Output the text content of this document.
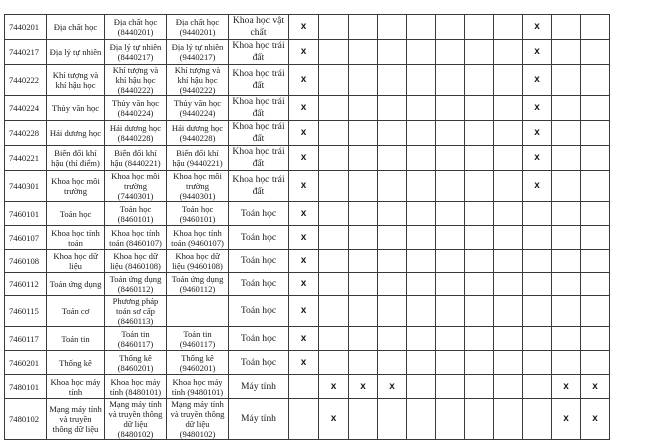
7440201	Địa chất học	Địa chất học (8440201)	Địa chất học (9440201)	Khoa học vật chất	x								x		
7440217	Địa lý tự nhiên	Địa lý tự nhiên (8440217)	Địa lý tự nhiên (9440217)	Khoa học trái đất	x								x		
7440222	Khí tượng và khí hậu học	Khí tượng và khí hậu học (8440222)	Khí tượng và khí hậu học (9440222)	Khoa học trái đất	x								x		
7440224	Thủy văn học	Thủy văn học (8440224)	Thủy văn học (9440224)	Khoa học trái đất	x								x		
7440228	Hải dương học	Hải dương học (8440228)	Hải dương học (9440228)	Khoa học trái đất	x								x		
7440221	Biến đổi khí hậu (thí điểm)	Biến đổi khí hậu (8440221)	Biến đổi khí hậu (9440221)	Khoa học trái đất	x								x		
7440301	Khoa học môi trường	Khoa học môi trường (7440301)	Khoa học môi trường (9440301)	Khoa học trái đất	x								x		
7460101	Toán học	Toán học (8460101)	Toán học (9460101)	Toán học	x										
7460107	Khoa học tính toán	Khoa học tính toán (8460107)	Khoa học tính toán (9460107)	Toán học	x										
7460108	Khoa học dữ liệu	Khoa học dữ liệu (8460108)	Khoa học dữ liệu (9460108)	Toán học	x										
7460112	Toán ứng dụng	Toán ứng dụng (8460112)	Toán ứng dụng (9460112)	Toán học	x										
7460115	Toán cơ	Phương pháp toán sơ cấp (8460113)		Toán học	x										
7460117	Toán tin	Toán tin (8460117)	Toán tin (9460117)	Toán học	x										
7460201	Thống kê	Thống kê (8460201)	Thống kê (9460201)	Toán học	x										
7480101	Khoa học máy tính	Khoa học máy tính (8480101)	Khoa học máy tính (9480101)	Máy tính		x	x	x						x	x
7480102	Mạng máy tính và truyền thông dữ liệu	Mạng máy tính và truyền thông dữ liệu (8480102)	Mạng máy tính và truyền thông dữ liệu (9480102)	Máy tính		x								x	x
